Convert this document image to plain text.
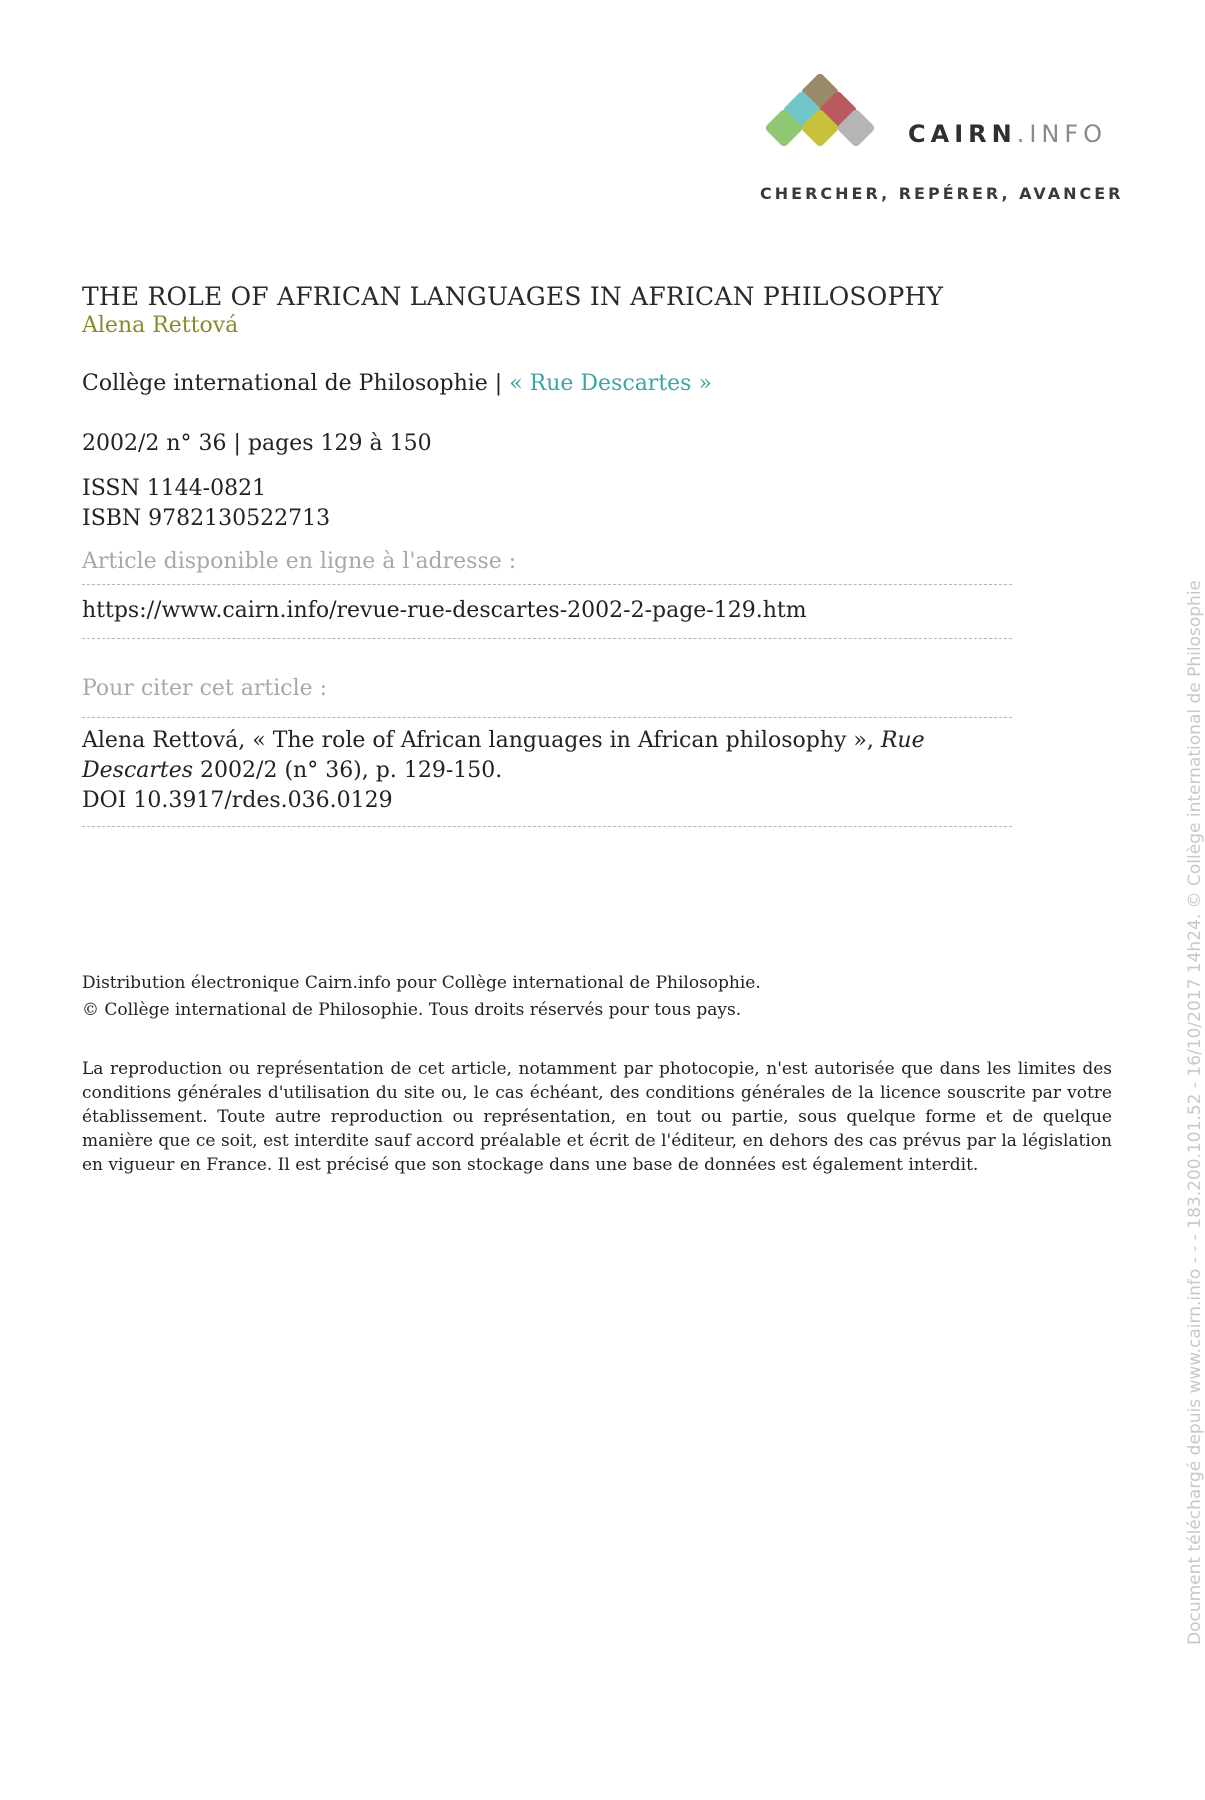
CAIRN.INFO
CHERCHER, REPÉRER, AVANCER
THE ROLE OF AFRICAN LANGUAGES IN AFRICAN PHILOSOPHY

Alena Rettová

Collège international de Philosophie | « Rue Descartes »
2002/2 n° 36 | pages 129 à 150
ISSN 1144-0821
ISBN 9782130522713
Article disponible en ligne à l'adresse :
https://www.cairn.info/revue-rue-descartes-2002-2-page-129.htm
Pour citer cet article :
Alena Rettová, « The role of African languages in African philosophy », Rue Descartes 2002/2 (n° 36), p. 129-150.
DOI 10.3917/rdes.036.0129
Distribution électronique Cairn.info pour Collège international de Philosophie.
© Collège international de Philosophie. Tous droits réservés pour tous pays.
La reproduction ou représentation de cet article, notamment par photocopie, n'est autorisée que dans les limites des conditions générales d'utilisation du site ou, le cas échéant, des conditions générales de la licence souscrite par votre établissement. Toute autre reproduction ou représentation, en tout ou partie, sous quelque forme et de quelque manière que ce soit, est interdite sauf accord préalable et écrit de l'éditeur, en dehors des cas prévus par la législation en vigueur en France. Il est précisé que son stockage dans une base de données est également interdit.	Document téléchargé depuis www.cairn.info - - - 183.200.101.52 - 16/10/2017 14h24. © Collège international de Philosophie
